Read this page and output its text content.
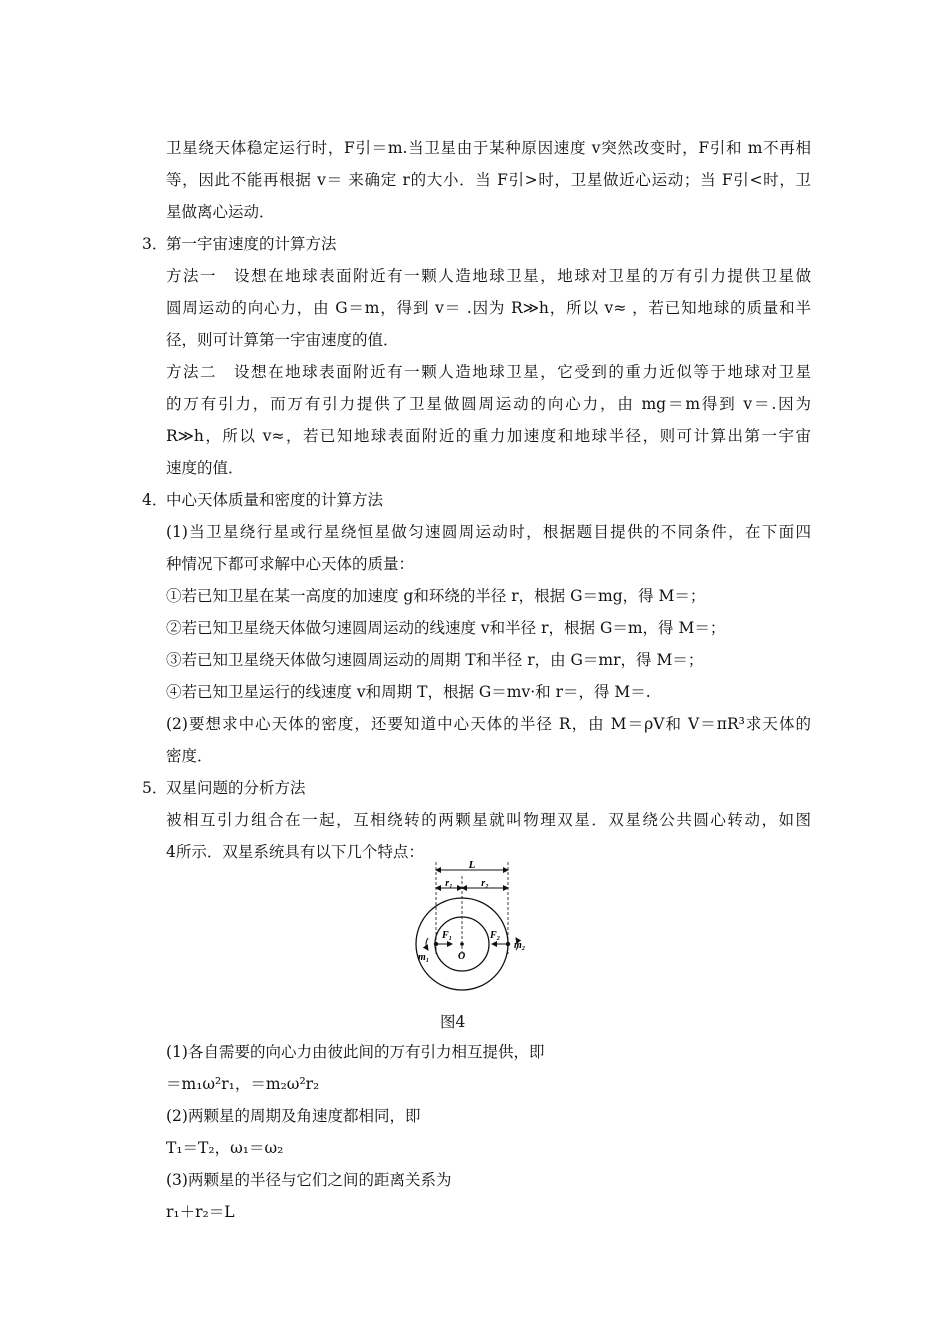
卫星绕天体稳定运行时，F引＝m.当卫星由于某种原因速度 v突然改变时，F引和 m不再相
等，因此不能再根据 v＝ 来确定 r的大小．当 F引>时，卫星做近心运动；当 F引<时，卫
星做离心运动．
3．
第一宇宙速度的计算方法
方法一　设想在地球表面附近有一颗人造地球卫星，地球对卫星的万有引力提供卫星做
圆周运动的向心力，由 G＝m，得到 v＝ .因为 R≫h，所以 v≈ ，若已知地球的质量和半
径，则可计算第一宇宙速度的值．
方法二　设想在地球表面附近有一颗人造地球卫星，它受到的重力近似等于地球对卫星
的万有引力，而万有引力提供了卫星做圆周运动的向心力，由 mg＝m得到 v＝.因为
R≫h，所以 v≈，若已知地球表面附近的重力加速度和地球半径，则可计算出第一宇宙
速度的值．
4．
中心天体质量和密度的计算方法
(1)当卫星绕行星或行星绕恒星做匀速圆周运动时，根据题目提供的不同条件，在下面四
种情况下都可求解中心天体的质量：
①若已知卫星在某一高度的加速度 g和环绕的半径 r，根据 G＝mg，得 M＝；
②若已知卫星绕天体做匀速圆周运动的线速度 v和半径 r，根据 G＝m，得 M＝；
③若已知卫星绕天体做匀速圆周运动的周期 T和半径 r，由 G＝mr，得 M＝；
④若已知卫星运行的线速度 v和周期 T，根据 G＝mv·和 r＝，得 M＝.
(2)要想求中心天体的密度，还要知道中心天体的半径 R，由 M＝ρV和 V＝πR³求天体的
密度．
5．
双星问题的分析方法
被相互引力组合在一起，互相绕转的两颗星就叫物理双星．双星绕公共圆心转动，如图
4所示．双星系统具有以下几个特点：
L
r₁	r₂
O
F₁	F₂
m₁
m₂
图4
(1)各自需要的向心力由彼此间的万有引力相互提供，即
＝m₁ω²r₁，＝m₂ω²r₂
(2)两颗星的周期及角速度都相同，即
T₁＝T₂，ω₁＝ω₂
(3)两颗星的半径与它们之间的距离关系为
r₁＋r₂＝L
